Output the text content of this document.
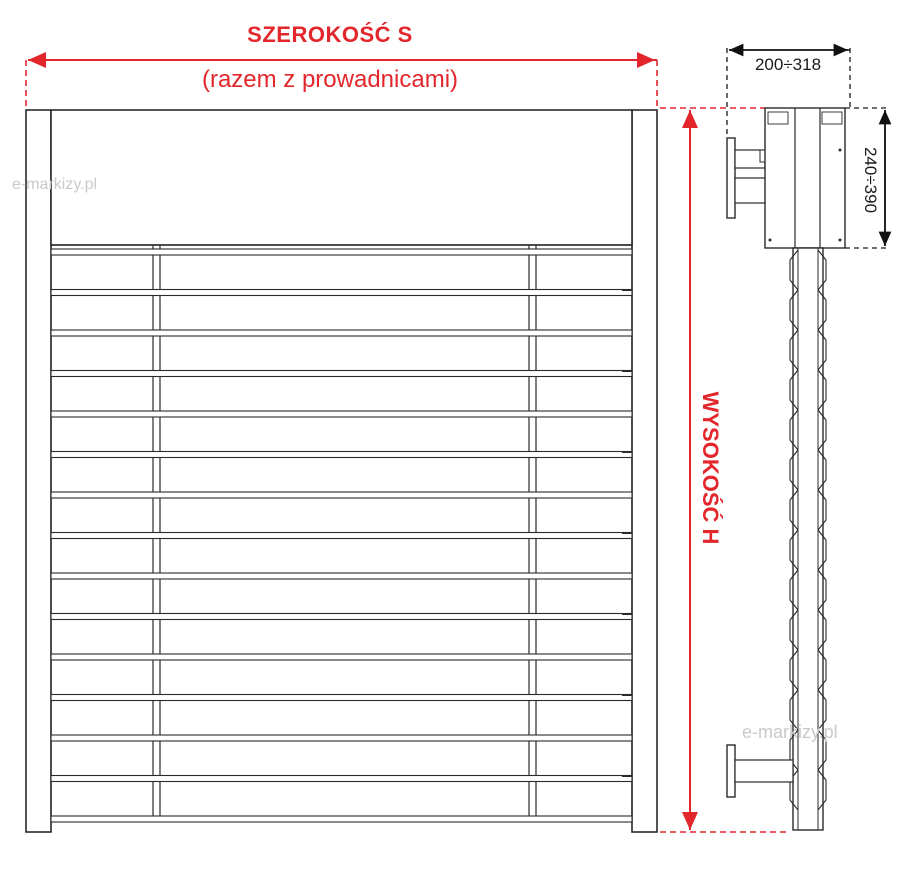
SZEROKOŚĆ S
(razem z prowadnicami)
WYSOKOŚĆ H
200÷318
240÷390
e-markizy.pl
e-markizy.pl
